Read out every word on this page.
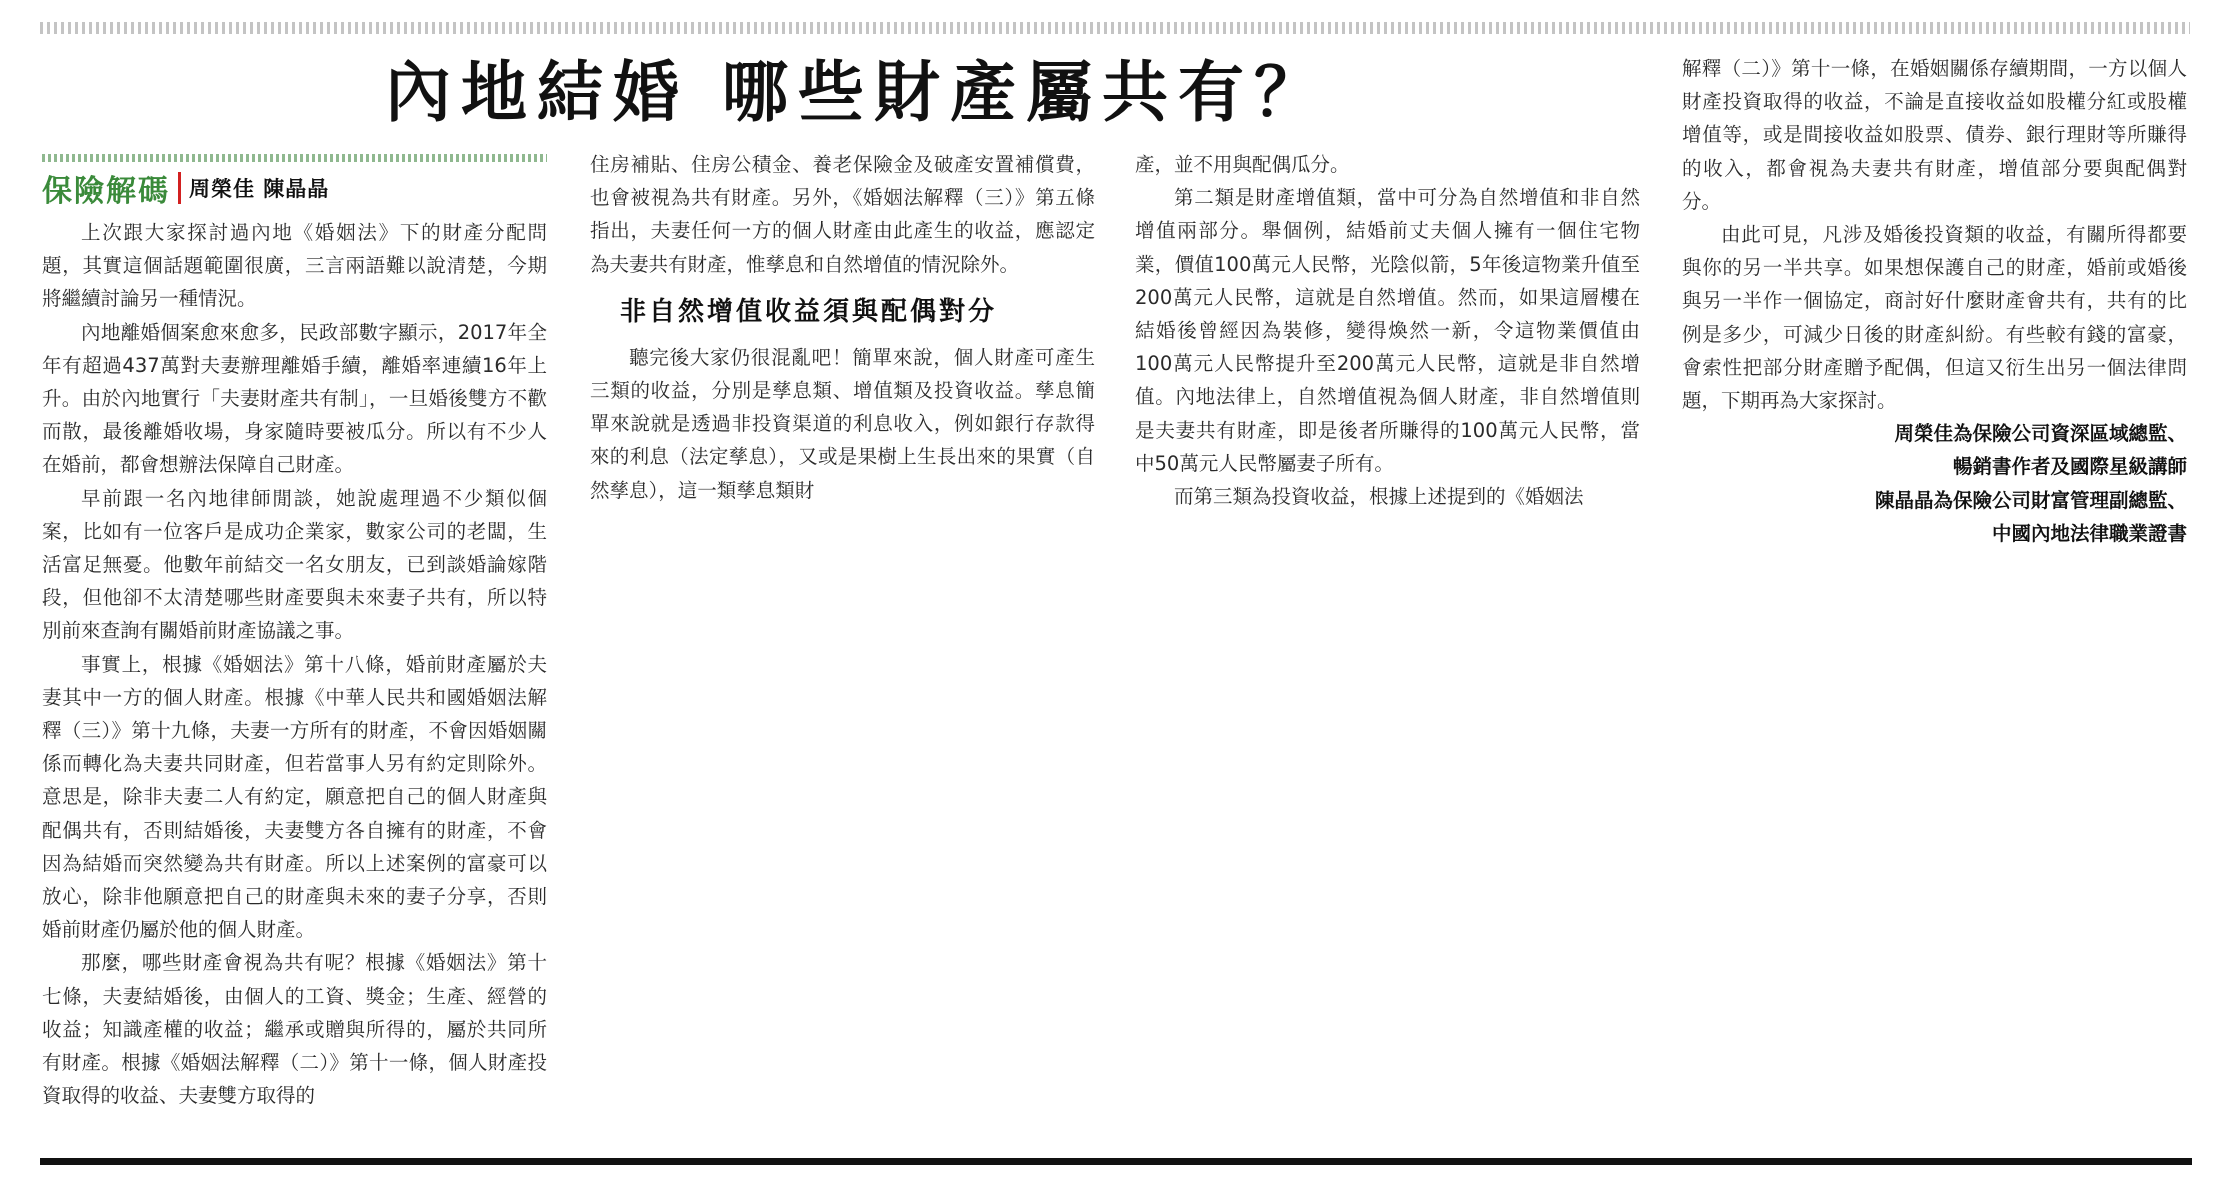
內地結婚 哪些財產屬共有？
保險解碼 周榮佳 陳晶晶

上次跟大家探討過內地《婚姻法》下的財產分配問題，其實這個話題範圍很廣，三言兩語難以說清楚，今期將繼續討論另一種情況。

內地離婚個案愈來愈多，民政部數字顯示，2017年全年有超過437萬對夫妻辦理離婚手續，離婚率連續16年上升。由於內地實行「夫妻財產共有制」，一旦婚後雙方不歡而散，最後離婚收場，身家隨時要被瓜分。所以有不少人在婚前，都會想辦法保障自己財產。

早前跟一名內地律師閒談，她說處理過不少類似個案，比如有一位客戶是成功企業家，數家公司的老闆，生活富足無憂。他數年前結交一名女朋友，已到談婚論嫁階段，但他卻不太清楚哪些財產要與未來妻子共有，所以特別前來查詢有關婚前財產協議之事。

事實上，根據《婚姻法》第十八條，婚前財產屬於夫妻其中一方的個人財產。根據《中華人民共和國婚姻法解釋（三）》第十九條，夫妻一方所有的財產，不會因婚姻關係而轉化為夫妻共同財產，但若當事人另有約定則除外。意思是，除非夫妻二人有約定，願意把自己的個人財產與配偶共有，否則結婚後，夫妻雙方各自擁有的財產，不會因為結婚而突然變為共有財產。所以上述案例的富豪可以放心，除非他願意把自己的財產與未來的妻子分享，否則婚前財產仍屬於他的個人財產。

那麼，哪些財產會視為共有呢？根據《婚姻法》第十七條，夫妻結婚後，由個人的工資、獎金；生產、經營的收益；知識產權的收益；繼承或贈與所得的，屬於共同所有財產。根據《婚姻法解釋（二）》第十一條，個人財產投資取得的收益、夫妻雙方取得的

住房補貼、住房公積金、養老保險金及破產安置補償費，也會被視為共有財產。另外，《婚姻法解釋（三）》第五條指出，夫妻任何一方的個人財產由此產生的收益，應認定為夫妻共有財產，惟孳息和自然增值的情況除外。

非自然增值收益須與配偶對分

聽完後大家仍很混亂吧！簡單來說，個人財產可產生三類的收益，分別是孳息類、增值類及投資收益。孳息簡單來說就是透過非投資渠道的利息收入，例如銀行存款得來的利息（法定孳息），又或是果樹上生長出來的果實（自然孳息），這一類孳息類財

產，並不用與配偶瓜分。

第二類是財產增值類，當中可分為自然增值和非自然增值兩部分。舉個例，結婚前丈夫個人擁有一個住宅物業，價值100萬元人民幣，光陰似箭，5年後這物業升值至200萬元人民幣，這就是自然增值。然而，如果這層樓在結婚後曾經因為裝修，變得煥然一新，令這物業價值由100萬元人民幣提升至200萬元人民幣，這就是非自然增值。內地法律上，自然增值視為個人財產，非自然增值則是夫妻共有財產，即是後者所賺得的100萬元人民幣，當中50萬元人民幣屬妻子所有。

而第三類為投資收益，根據上述提到的《婚姻法

解釋（二）》第十一條，在婚姻關係存續期間，一方以個人財產投資取得的收益，不論是直接收益如股權分紅或股權增值等，或是間接收益如股票、債券、銀行理財等所賺得的收入，都會視為夫妻共有財產，增值部分要與配偶對分。

由此可見，凡涉及婚後投資類的收益，有關所得都要與你的另一半共享。如果想保護自己的財產，婚前或婚後與另一半作一個協定，商討好什麼財產會共有，共有的比例是多少，可減少日後的財產糾紛。有些較有錢的富豪，會索性把部分財產贈予配偶，但這又衍生出另一個法律問題，下期再為大家探討。

周榮佳為保險公司資深區域總監、
暢銷書作者及國際星級講師
陳晶晶為保險公司財富管理副總監、
中國內地法律職業證書
